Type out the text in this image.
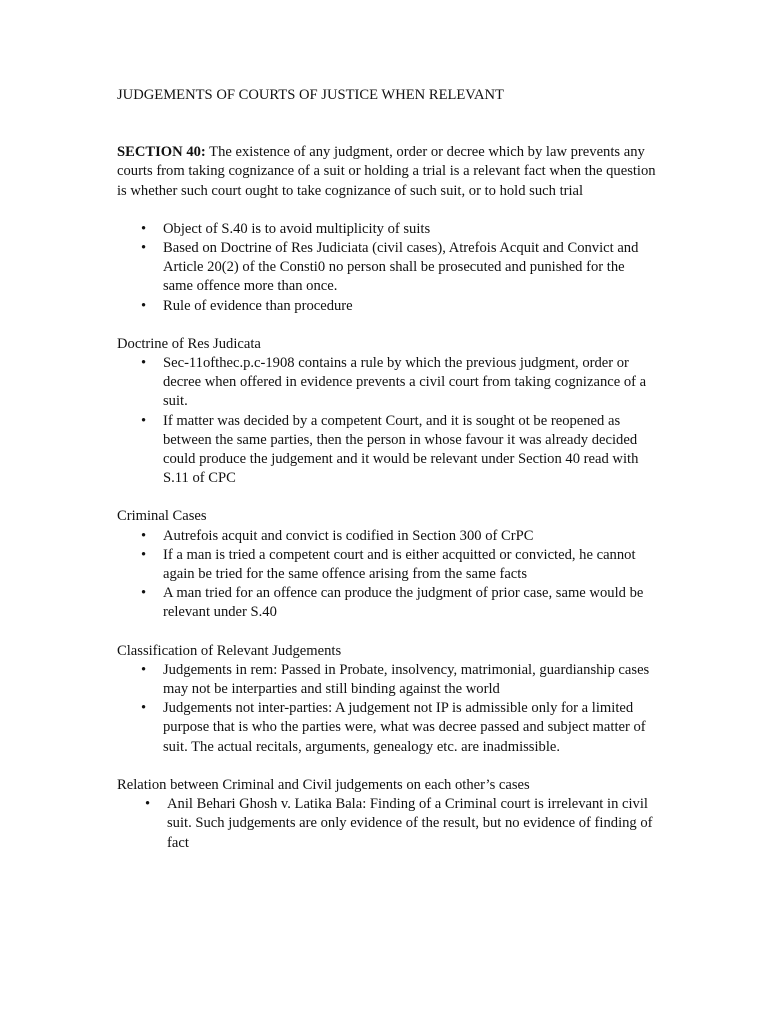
JUDGEMENTS OF COURTS OF JUSTICE WHEN RELEVANT

SECTION 40: The existence of any judgment, order or decree which by law prevents any courts from taking cognizance of a suit or holding a trial is a relevant fact when the question is whether such court ought to take cognizance of such suit, or to hold such trial

• Object of S.40 is to avoid multiplicity of suits
• Based on Doctrine of Res Judiciata (civil cases), Atrefois Acquit and Convict and Article 20(2) of the Consti0 no person shall be prosecuted and punished for the same offence more than once.
• Rule of evidence than procedure

Doctrine of Res Judicata

• Sec-11ofthec.p.c-1908 contains a rule by which the previous judgment, order or decree when offered in evidence prevents a civil court from taking cognizance of a suit.
• If matter was decided by a competent Court, and it is sought ot be reopened as between the same parties, then the person in whose favour it was already decided could produce the judgement and it would be relevant under Section 40 read with S.11 of CPC

Criminal Cases

• Autrefois acquit and convict is codified in Section 300 of CrPC
• If a man is tried a competent court and is either acquitted or convicted, he cannot again be tried for the same offence arising from the same facts
• A man tried for an offence can produce the judgment of prior case, same would be relevant under S.40

Classification of Relevant Judgements

• Judgements in rem: Passed in Probate, insolvency, matrimonial, guardianship cases may not be interparties and still binding against the world
• Judgements not inter-parties: A judgement not IP is admissible only for a limited purpose that is who the parties were, what was decree passed and subject matter of suit. The actual recitals, arguments, genealogy etc. are inadmissible.

Relation between Criminal and Civil judgements on each other’s cases

• Anil Behari Ghosh v. Latika Bala: Finding of a Criminal court is irrelevant in civil suit. Such judgements are only evidence of the result, but no evidence of finding of fact
